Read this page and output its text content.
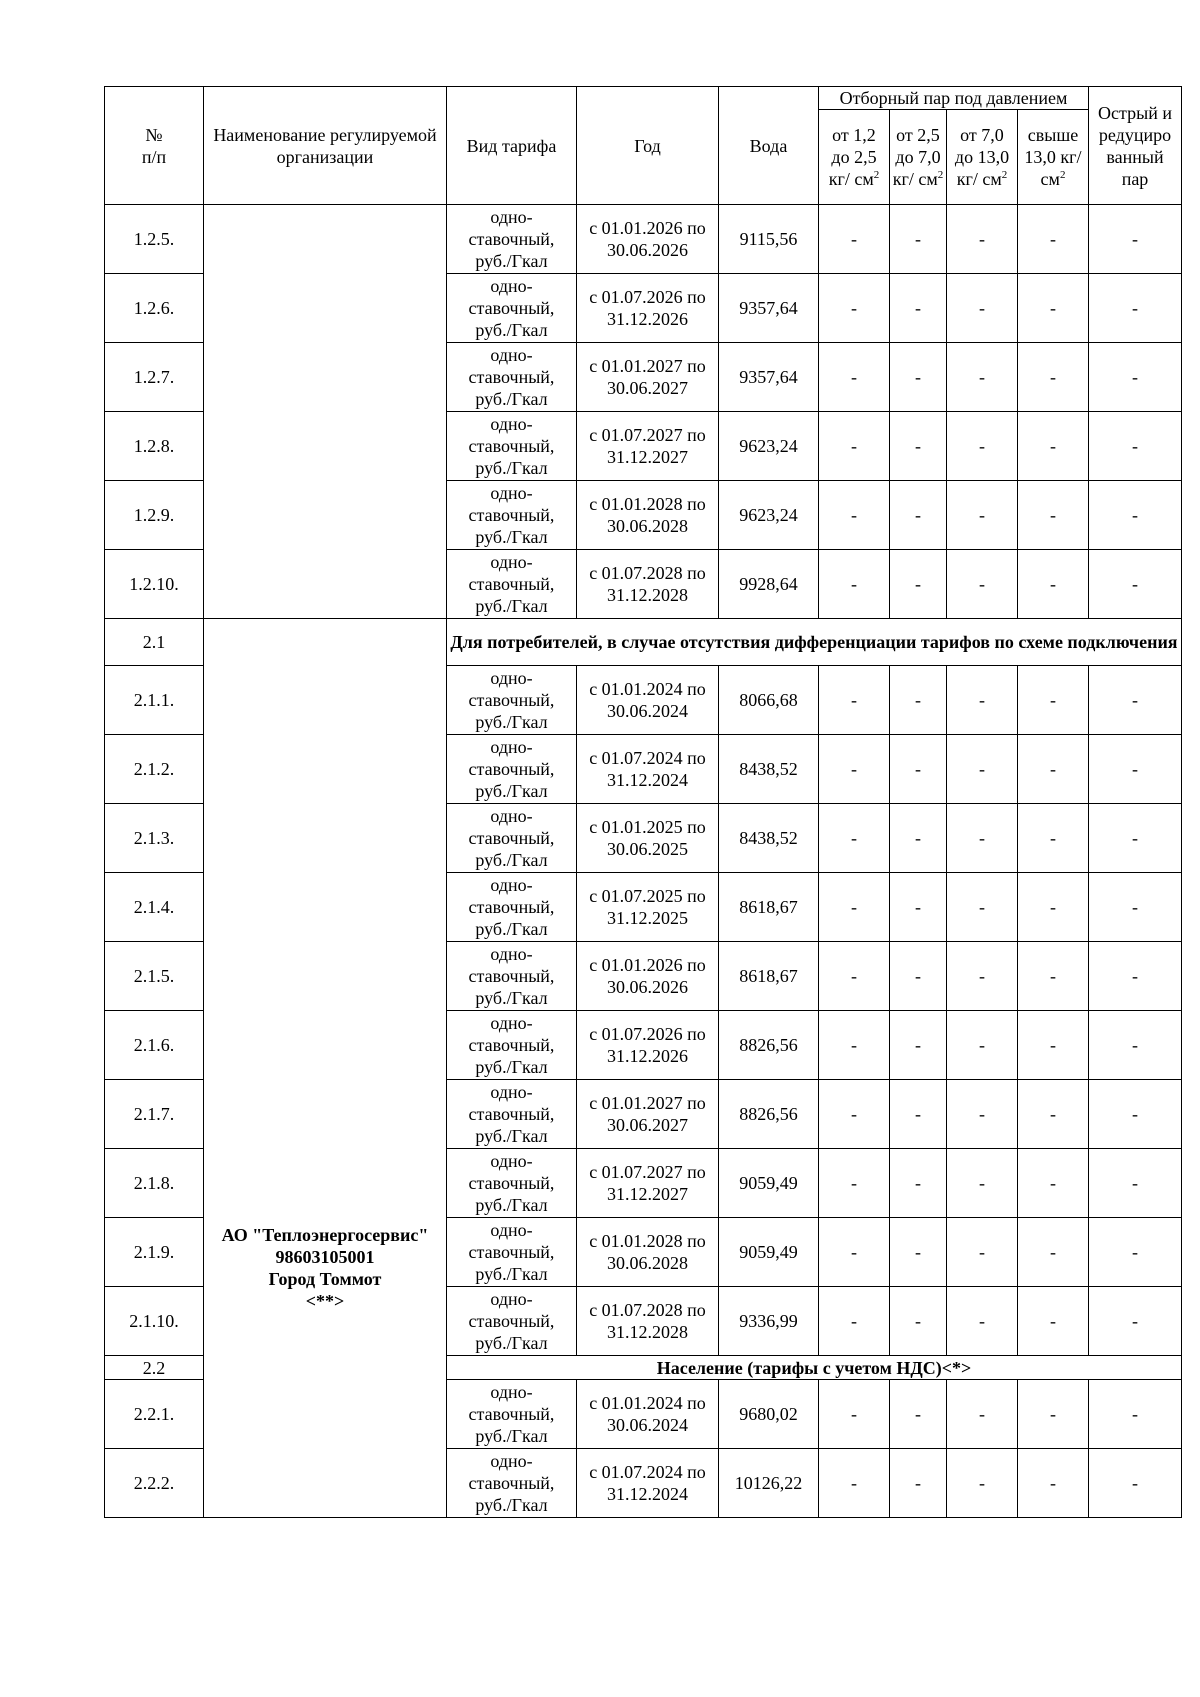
№
п/п	Наименование регулируемой организации	Вид тарифа	Год	Вода	Отборный пар под давлением				Острый и редуциро ванный пар
					от 1,2 до 2,5 кг/ $см^2$	от 2,5 до 7,0 кг/ $см^2$	от 7,0 до 13,0 кг/ $см^2$	свыше 13,0 кг/ $см^2$
1.2.5.		одно- ставочный, руб./Гкал	с 01.01.2026 по 30.06.2026	9115,56	-	-	-	-	-
1.2.6.		одно- ставочный, руб./Гкал	с 01.07.2026 по 31.12.2026	9357,64	-	-	-	-	-
1.2.7.		одно- ставочный, руб./Гкал	с 01.01.2027 по 30.06.2027	9357,64	-	-	-	-	-
1.2.8.		одно- ставочный, руб./Гкал	с 01.07.2027 по 31.12.2027	9623,24	-	-	-	-	-
1.2.9.		одно- ставочный, руб./Гкал	с 01.01.2028 по 30.06.2028	9623,24	-	-	-	-	-
1.2.10.		одно- ставочный, руб./Гкал	с 01.07.2028 по 31.12.2028	9928,64	-	-	-	-	-
2.1	АО "Теплоэнергосервис"
98603105001
Город Томмот
<**>	Для потребителей, в случае отсутствия дифференциации тарифов по схеме подключения							
2.1.1.		одно- ставочный, руб./Гкал	с 01.01.2024 по 30.06.2024	8066,68	-	-	-	-	-
2.1.2.		одно- ставочный, руб./Гкал	с 01.07.2024 по 31.12.2024	8438,52	-	-	-	-	-
2.1.3.		одно- ставочный, руб./Гкал	с 01.01.2025 по 30.06.2025	8438,52	-	-	-	-	-
2.1.4.		одно- ставочный, руб./Гкал	с 01.07.2025 по 31.12.2025	8618,67	-	-	-	-	-
2.1.5.		одно- ставочный, руб./Гкал	с 01.01.2026 по 30.06.2026	8618,67	-	-	-	-	-
2.1.6.		одно- ставочный, руб./Гкал	с 01.07.2026 по 31.12.2026	8826,56	-	-	-	-	-
2.1.7.		одно- ставочный, руб./Гкал	с 01.01.2027 по 30.06.2027	8826,56	-	-	-	-	-
2.1.8.		одно- ставочный, руб./Гкал	с 01.07.2027 по 31.12.2027	9059,49	-	-	-	-	-
2.1.9.		одно- ставочный, руб./Гкал	с 01.01.2028 по 30.06.2028	9059,49	-	-	-	-	-
2.1.10.		одно- ставочный, руб./Гкал	с 01.07.2028 по 31.12.2028	9336,99	-	-	-	-	-
2.2		Население (тарифы с учетом НДС)<*>							
2.2.1.		одно- ставочный, руб./Гкал	с 01.01.2024 по 30.06.2024	9680,02	-	-	-	-	-
2.2.2.		одно- ставочный, руб./Гкал	с 01.07.2024 по 31.12.2024	10126,22	-	-	-	-	-
